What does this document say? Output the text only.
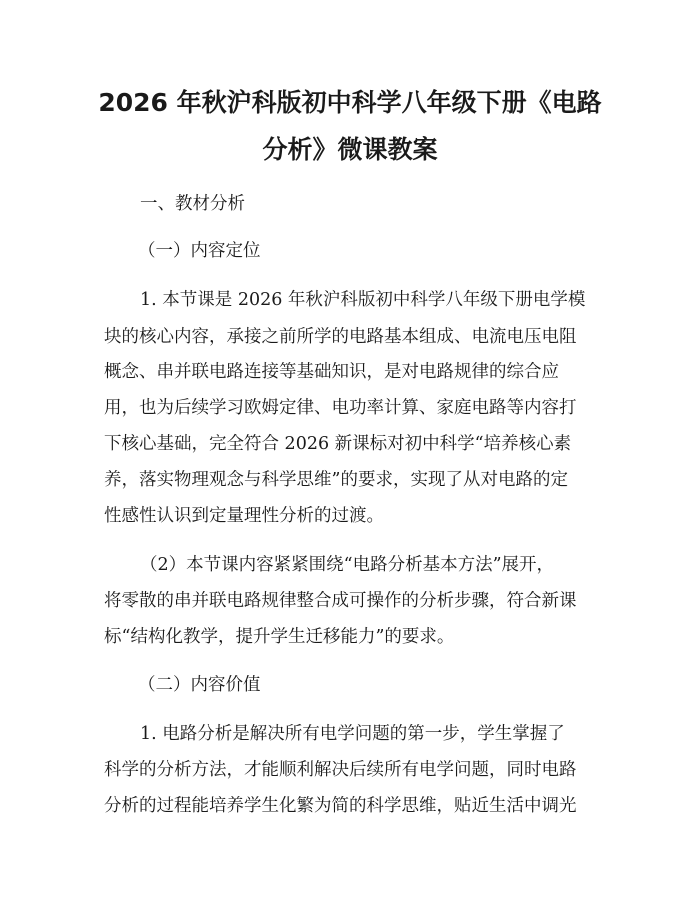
2026 年秋沪科版初中科学八年级下册《电路
分析》微课教案
一、教材分析
（一）内容定位
1. 本节课是 2026 年秋沪科版初中科学八年级下册电学模
块的核心内容，承接之前所学的电路基本组成、电流电压电阻
概念、串并联电路连接等基础知识，是对电路规律的综合应
用，也为后续学习欧姆定律、电功率计算、家庭电路等内容打
下核心基础，完全符合 2026 新课标对初中科学“培养核心素
养，落实物理观念与科学思维”的要求，实现了从对电路的定
性感性认识到定量理性分析的过渡。
（2）本节课内容紧紧围绕“电路分析基本方法”展开，
将零散的串并联电路规律整合成可操作的分析步骤，符合新课
标“结构化教学，提升学生迁移能力”的要求。
（二）内容价值
1. 电路分析是解决所有电学问题的第一步，学生掌握了
科学的分析方法，才能顺利解决后续所有电学问题，同时电路
分析的过程能培养学生化繁为简的科学思维，贴近生活中调光
